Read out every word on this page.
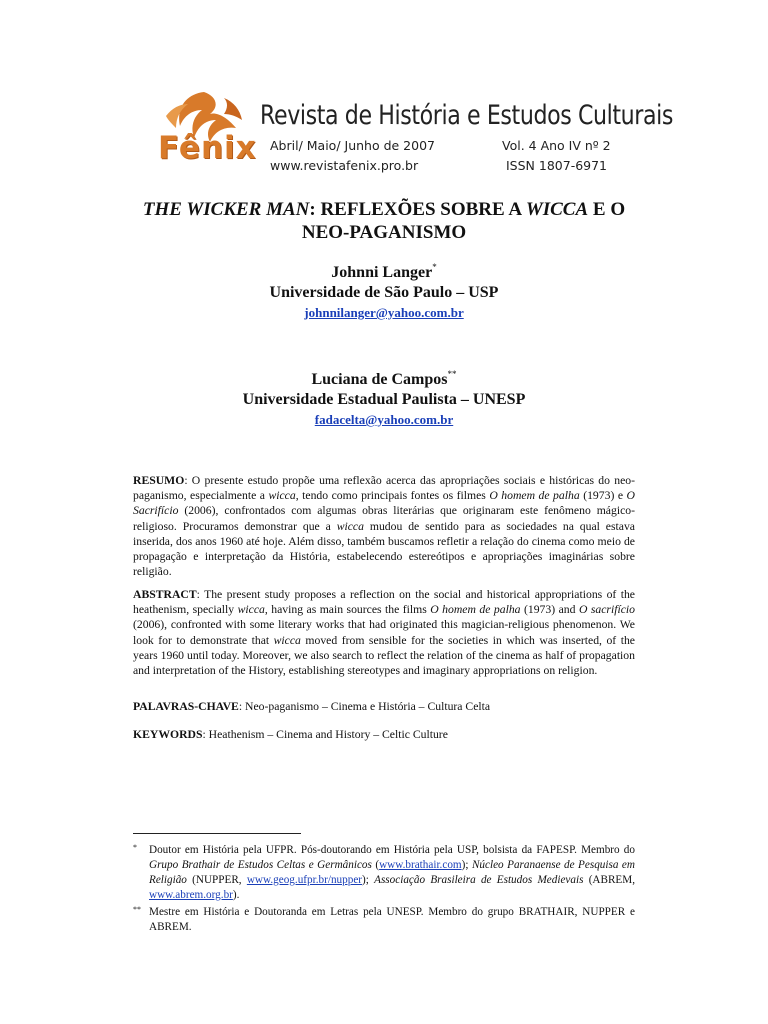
Fênix
Revista de História e Estudos Culturais
Abril/ Maio/ Junho de 2007	Vol. 4 Ano IV nº 2
www.revistafenix.pro.br	ISSN 1807-6971
THE WICKER MAN: REFLEXÕES SOBRE A WICCA E O
NEO-PAGANISMO
Johnni Langer*
Universidade de São Paulo – USP
johnnilanger@yahoo.com.br
Luciana de Campos**
Universidade Estadual Paulista – UNESP
fadacelta@yahoo.com.br

RESUMO: O presente estudo propõe uma reflexão acerca das apropriações sociais e históricas do neo-paganismo, especialmente a wicca, tendo como principais fontes os filmes O homem de palha (1973) e O Sacrifício (2006), confrontados com algumas obras literárias que originaram este fenômeno mágico-religioso. Procuramos demonstrar que a wicca mudou de sentido para as sociedades na qual estava inserida, dos anos 1960 até hoje. Além disso, também buscamos refletir a relação do cinema como meio de propagação e interpretação da História, estabelecendo estereótipos e apropriações imaginárias sobre religião.

ABSTRACT: The present study proposes a reflection on the social and historical appropriations of the heathenism, specially wicca, having as main sources the films O homem de palha (1973) and O sacrifício (2006), confronted with some literary works that had originated this magician-religious phenomenon. We look for to demonstrate that wicca moved from sensible for the societies in which was inserted, of the years 1960 until today. Moreover, we also search to reflect the relation of the cinema as half of propagation and interpretation of the History, establishing stereotypes and imaginary appropriations on religion.

PALAVRAS-CHAVE: Neo-paganismo – Cinema e História – Cultura Celta

KEYWORDS: Heathenism – Cinema and History – Celtic Culture

* Doutor em História pela UFPR. Pós-doutorando em História pela USP, bolsista da FAPESP. Membro do Grupo Brathair de Estudos Celtas e Germânicos (www.brathair.com); Núcleo Paranaense de Pesquisa em Religião (NUPPER, www.geog.ufpr.br/nupper); Associação Brasileira de Estudos Medievais (ABREM, www.abrem.org.br).
** Mestre em História e Doutoranda em Letras pela UNESP. Membro do grupo BRATHAIR, NUPPER e ABREM.
